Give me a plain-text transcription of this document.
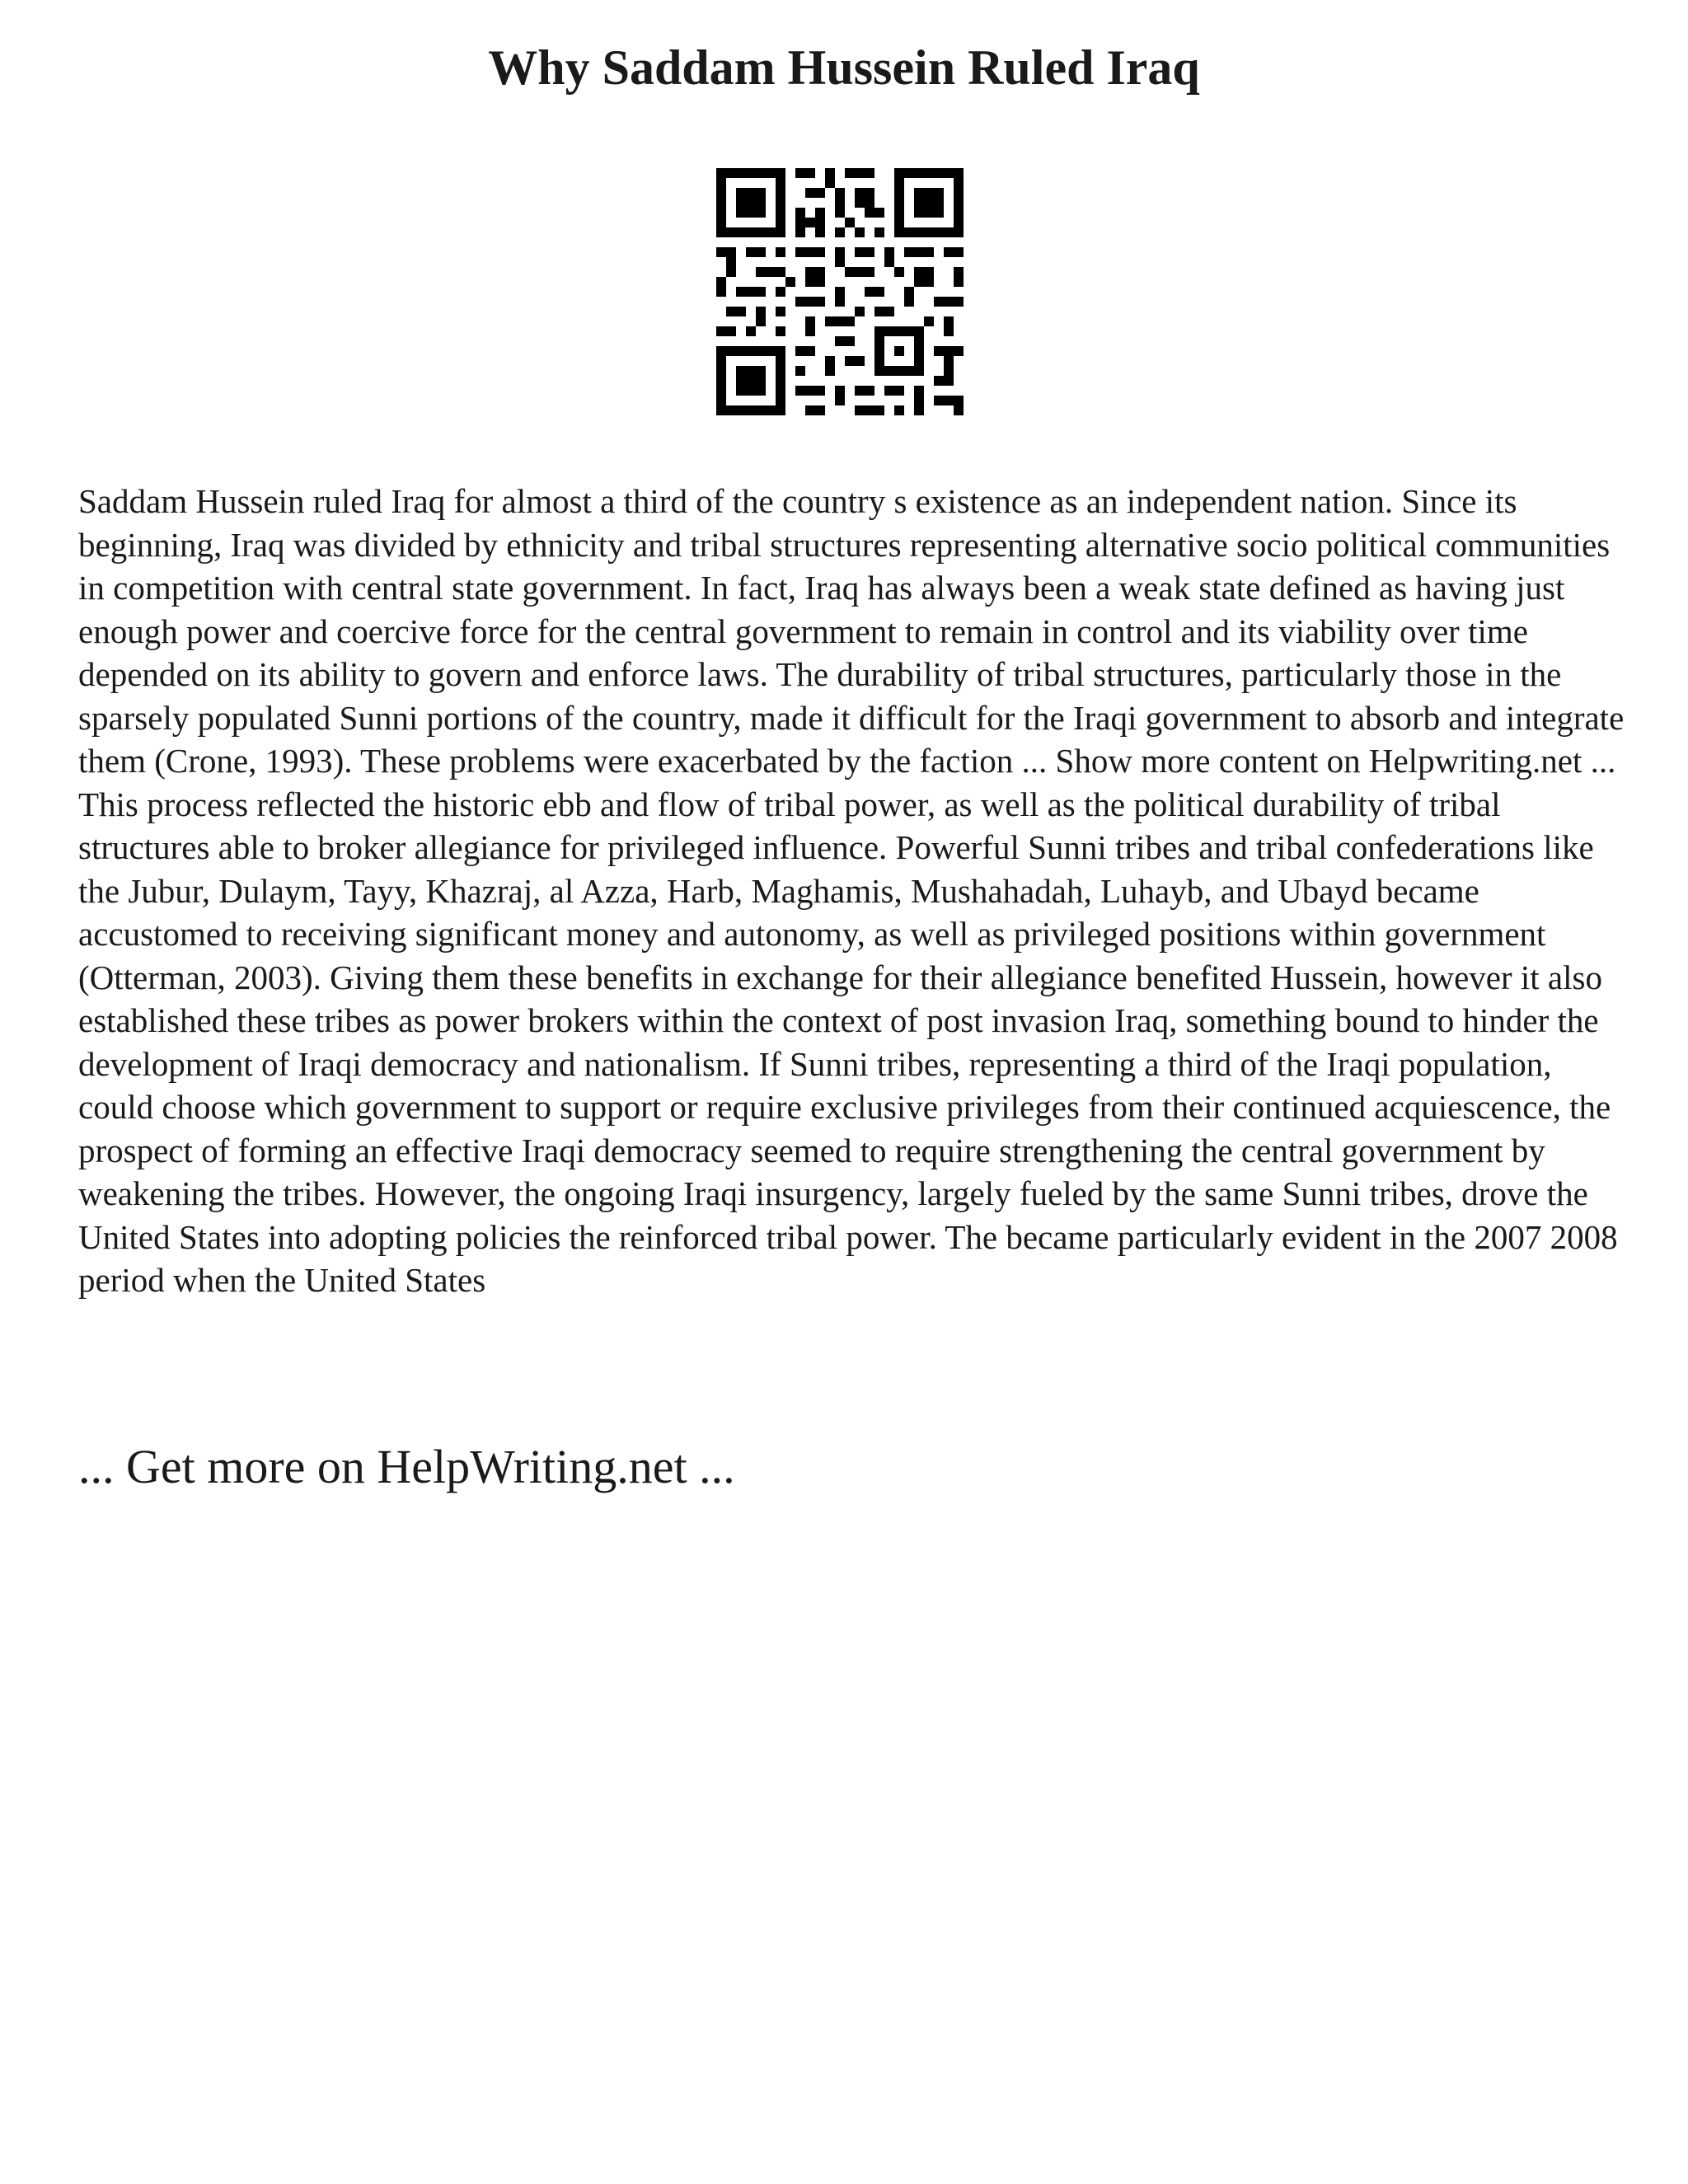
Why Saddam Hussein Ruled Iraq

Saddam Hussein ruled Iraq for almost a third of the country s existence as an independent nation. Since its beginning, Iraq was divided by ethnicity and tribal structures representing alternative socio political communities in competition with central state government. In fact, Iraq has always been a weak state defined as having just enough power and coercive force for the central government to remain in control and its viability over time depended on its ability to govern and enforce laws. The durability of tribal structures, particularly those in the sparsely populated Sunni portions of the country, made it difficult for the Iraqi government to absorb and integrate them (Crone, 1993). These problems were exacerbated by the faction ... Show more content on Helpwriting.net ...

This process reflected the historic ebb and flow of tribal power, as well as the political durability of tribal structures able to broker allegiance for privileged influence. Powerful Sunni tribes and tribal confederations like the Jubur, Dulaym, Tayy, Khazraj, al Azza, Harb, Maghamis, Mushahadah, Luhayb, and Ubayd became accustomed to receiving significant money and autonomy, as well as privileged positions within government (Otterman, 2003). Giving them these benefits in exchange for their allegiance benefited Hussein, however it also established these tribes as power brokers within the context of post invasion Iraq, something bound to hinder the development of Iraqi democracy and nationalism. If Sunni tribes, representing a third of the Iraqi population, could choose which government to support or require exclusive privileges from their continued acquiescence, the prospect of forming an effective Iraqi democracy seemed to require strengthening the central government by weakening the tribes. However, the ongoing Iraqi insurgency, largely fueled by the same Sunni tribes, drove the United States into adopting policies the reinforced tribal power. The became particularly evident in the 2007 2008 period when the United States

... Get more on HelpWriting.net ...
